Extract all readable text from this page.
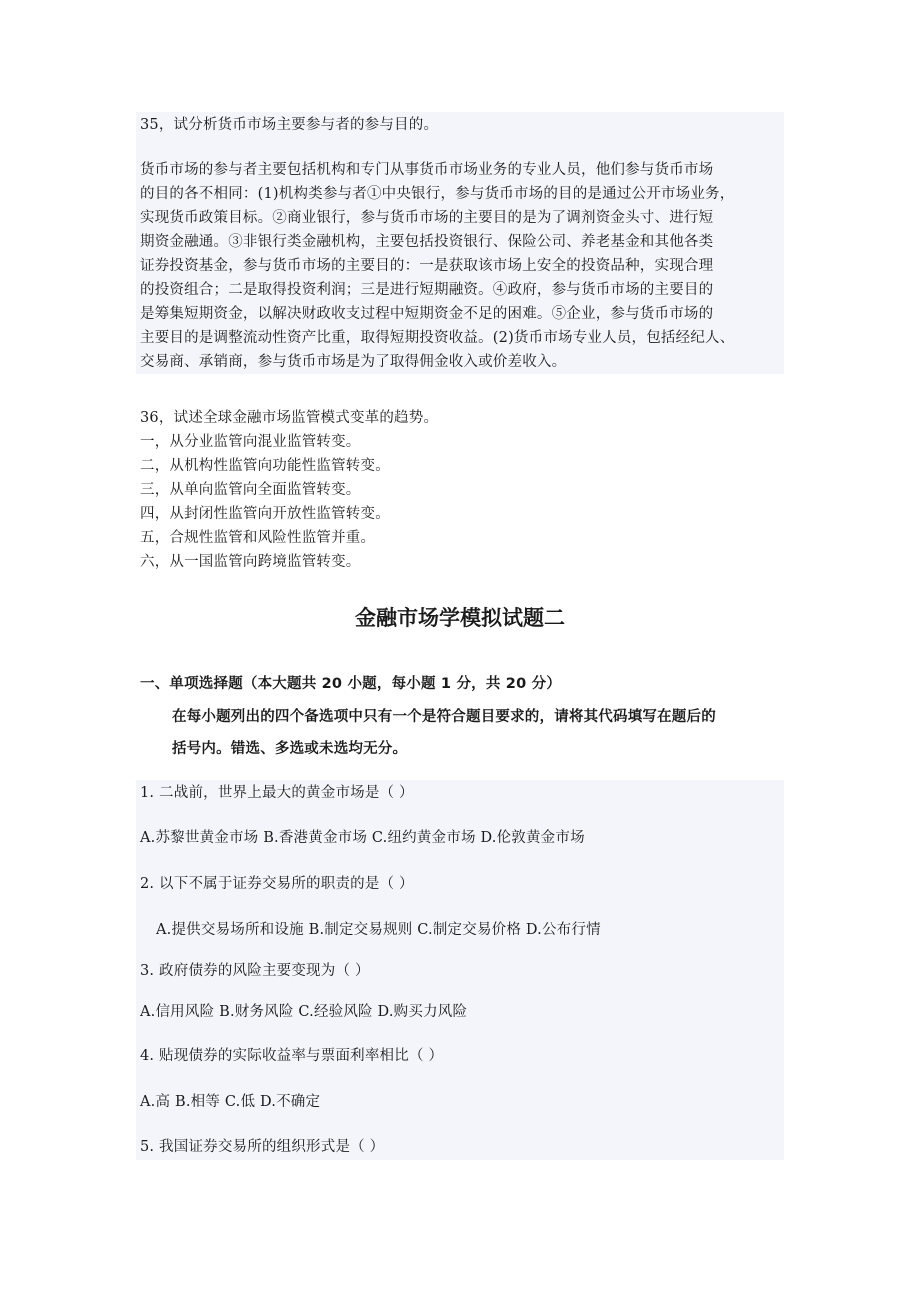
35，试分析货币市场主要参与者的参与目的。
货币市场的参与者主要包括机构和专门从事货币市场业务的专业人员，他们参与货币市场
的目的各不相同：(1)机构类参与者①中央银行，参与货币市场的目的是通过公开市场业务，
实现货币政策目标。②商业银行，参与货币市场的主要目的是为了调剂资金头寸、进行短
期资金融通。③非银行类金融机构，主要包括投资银行、保险公司、养老基金和其他各类
证券投资基金，参与货币市场的主要目的：一是获取该市场上安全的投资品种，实现合理
的投资组合；二是取得投资利润；三是进行短期融资。④政府，参与货币市场的主要目的
是筹集短期资金，以解决财政收支过程中短期资金不足的困难。⑤企业，参与货币市场的
主要目的是调整流动性资产比重，取得短期投资收益。(2)货币市场专业人员，包括经纪人、
交易商、承销商，参与货币市场是为了取得佣金收入或价差收入。
36，试述全球金融市场监管模式变革的趋势。
一，从分业监管向混业监管转变。
二，从机构性监管向功能性监管转变。
三，从单向监管向全面监管转变。
四，从封闭性监管向开放性监管转变。
五，合规性监管和风险性监管并重。
六，从一国监管向跨境监管转变。
金融市场学模拟试题二
一、单项选择题（本大题共 20 小题，每小题 1 分，共 20 分）
在每小题列出的四个备选项中只有一个是符合题目要求的，请将其代码填写在题后的
括号内。错选、多选或未选均无分。
1. 二战前，世界上最大的黄金市场是（ ）
A.苏黎世黄金市场 B.香港黄金市场 C.纽约黄金市场 D.伦敦黄金市场
2. 以下不属于证券交易所的职责的是（ ）
A.提供交易场所和设施 B.制定交易规则 C.制定交易价格 D.公布行情
3. 政府债券的风险主要变现为（ ）
A.信用风险 B.财务风险 C.经验风险 D.购买力风险
4. 贴现债券的实际收益率与票面利率相比（ ）
A.高 B.相等 C.低 D.不确定
5. 我国证券交易所的组织形式是（ ）
